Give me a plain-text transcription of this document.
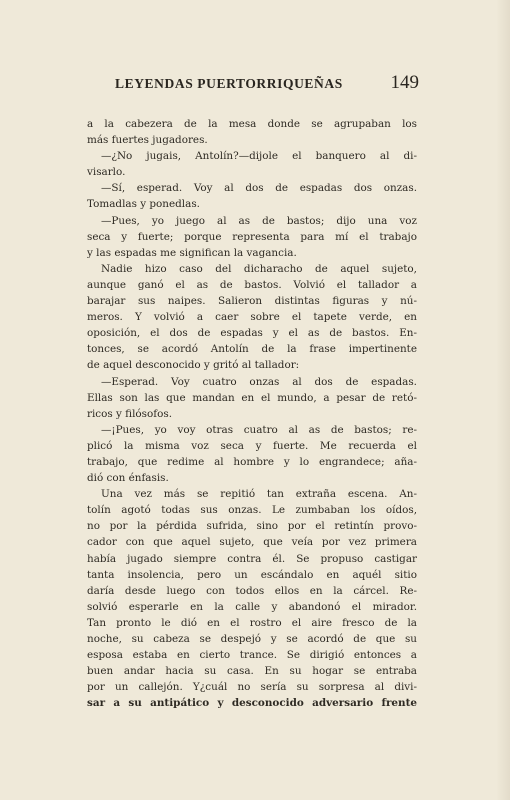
LEYENDAS PUERTORRIQUEÑAS	149
a la cabezera de la mesa donde se agrupaban los
más fuertes jugadores.
—¿No jugais, Antolín?—dijole el banquero al di-
visarlo.
—Sí, esperad. Voy al dos de espadas dos onzas.
Tomadlas y ponedlas.
—Pues, yo juego al as de bastos; dijo una voz
seca y fuerte; porque representa para mí el trabajo
y las espadas me significan la vagancia.
Nadie hizo caso del dicharacho de aquel sujeto,
aunque ganó el as de bastos. Volvió el tallador a
barajar sus naipes. Salieron distintas figuras y nú-
meros. Y volvió a caer sobre el tapete verde, en
oposición, el dos de espadas y el as de bastos. En-
tonces, se acordó Antolín de la frase impertinente
de aquel desconocido y gritó al tallador:
—Esperad. Voy cuatro onzas al dos de espadas.
Ellas son las que mandan en el mundo, a pesar de retó-
ricos y filósofos.
—¡Pues, yo voy otras cuatro al as de bastos; re-
plicó la misma voz seca y fuerte. Me recuerda el
trabajo, que redime al hombre y lo engrandece; aña-
dió con énfasis.
Una vez más se repitió tan extraña escena. An-
tolín agotó todas sus onzas. Le zumbaban los oídos,
no por la pérdida sufrida, sino por el retintín provo-
cador con que aquel sujeto, que veía por vez primera
había jugado siempre contra él. Se propuso castigar
tanta insolencia, pero un escándalo en aquél sitio
daría desde luego con todos ellos en la cárcel. Re-
solvió esperarle en la calle y abandonó el mirador.
Tan pronto le dió en el rostro el aire fresco de la
noche, su cabeza se despejó y se acordó de que su
esposa estaba en cierto trance. Se dirigió entonces a
buen andar hacia su casa. En su hogar se entraba
por un callejón. Y¿cuál no sería su sorpresa al divi-
sar a su antipático y desconocido adversario frente
